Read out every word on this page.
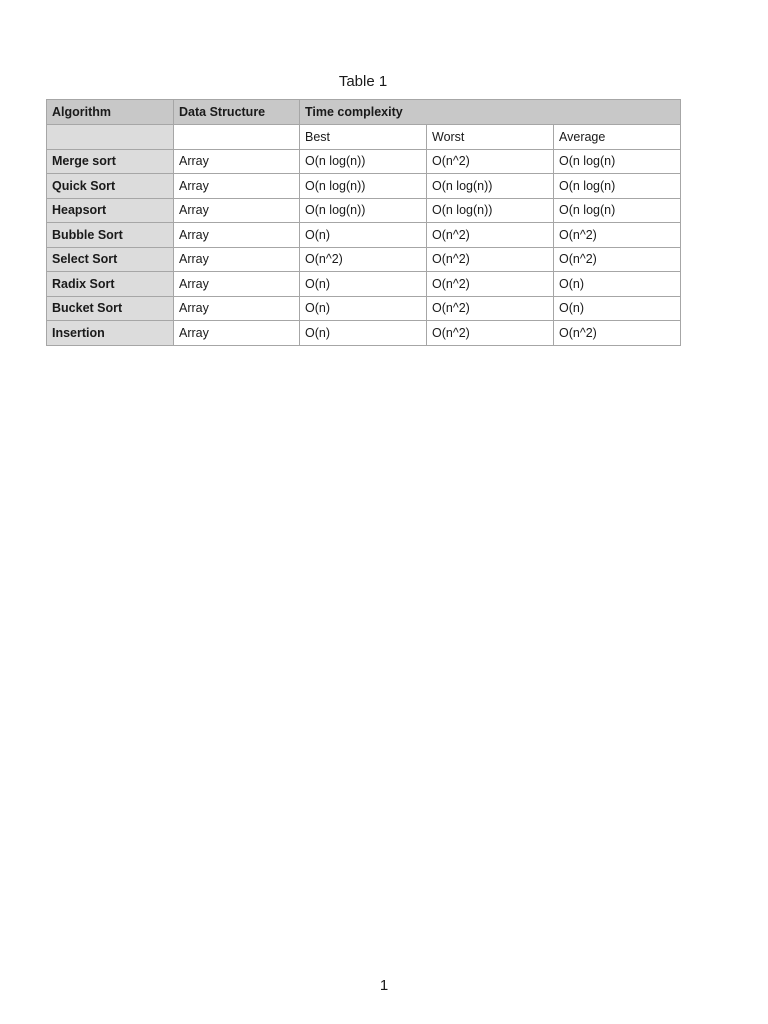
Table 1
Algorithm	Data Structure	Time complexity		
		Best	Worst	Average
Merge sort	Array	O(n log(n))	O(n^2)	O(n log(n)
Quick Sort	Array	O(n log(n))	O(n log(n))	O(n log(n)
Heapsort	Array	O(n log(n))	O(n log(n))	O(n log(n)
Bubble Sort	Array	O(n)	O(n^2)	O(n^2)
Select Sort	Array	O(n^2)	O(n^2)	O(n^2)
Radix Sort	Array	O(n)	O(n^2)	O(n)
Bucket Sort	Array	O(n)	O(n^2)	O(n)
Insertion	Array	O(n)	O(n^2)	O(n^2)
1
